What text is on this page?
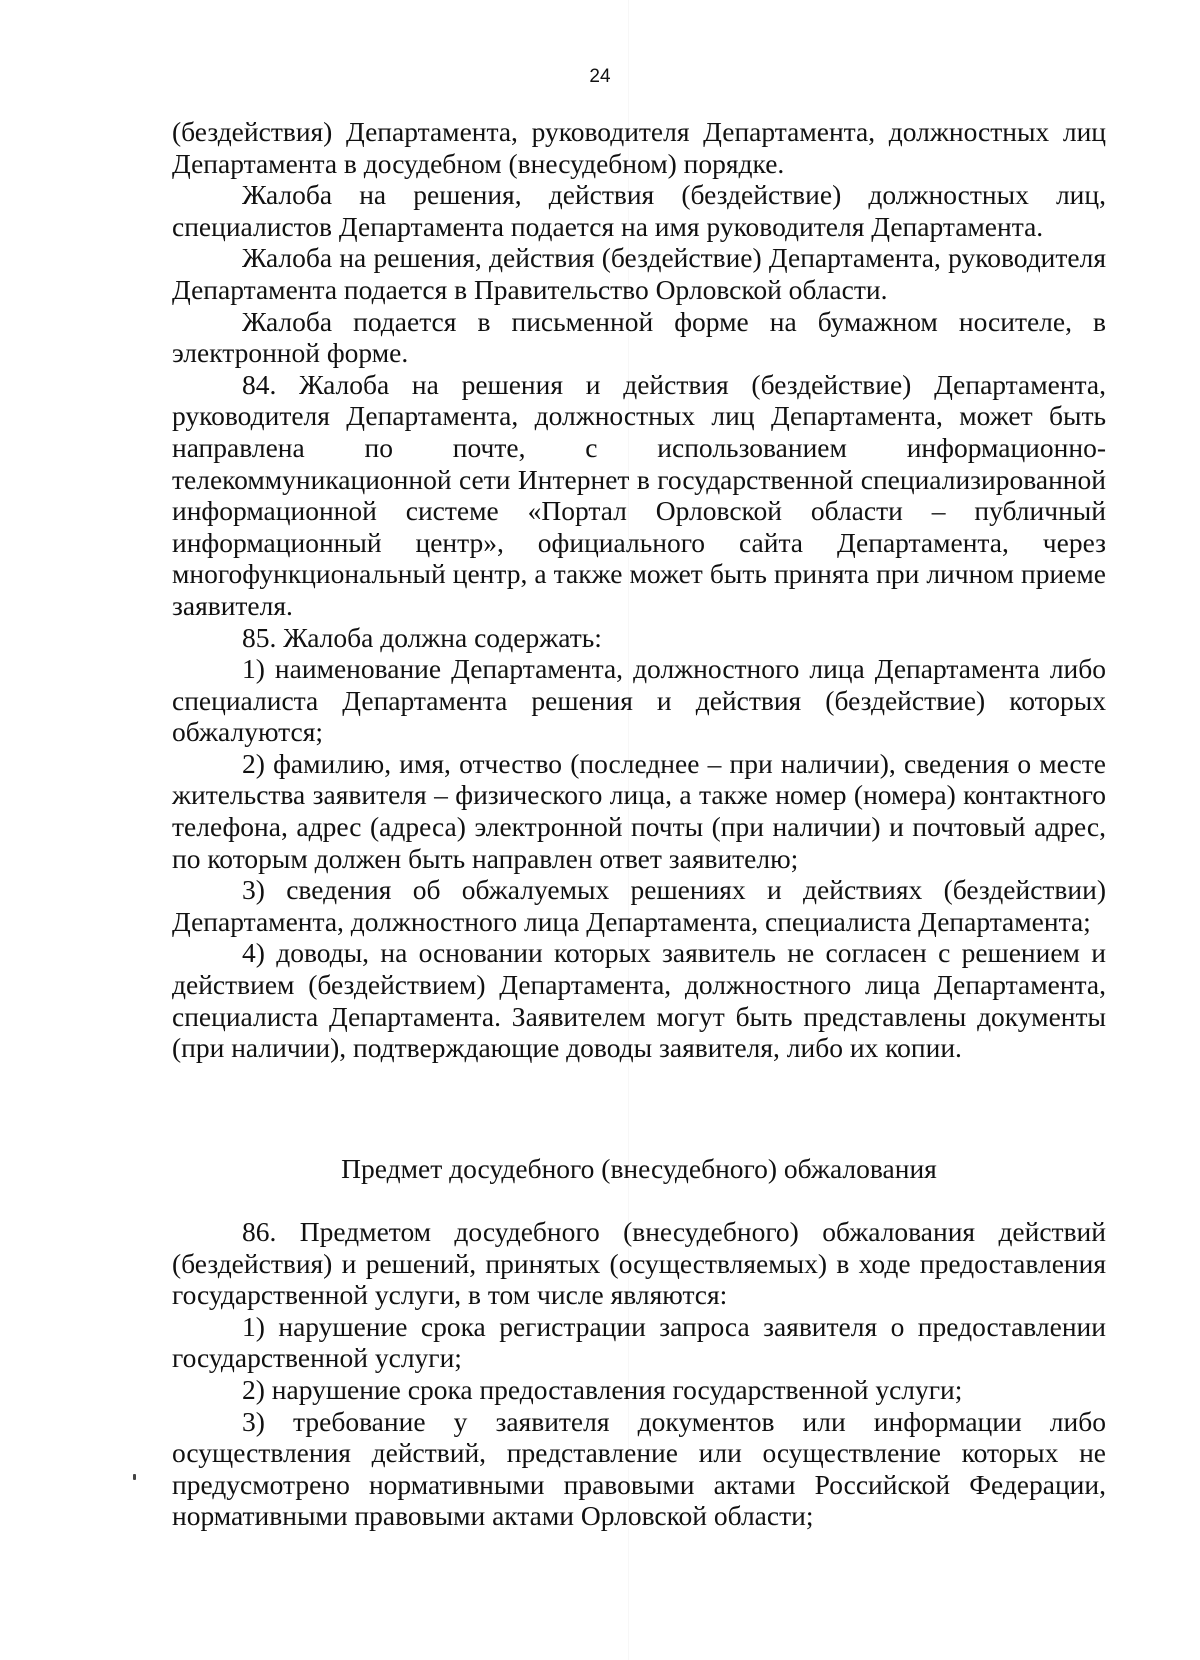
24

(бездействия) Департамента, руководителя Департамента, должностных лиц Департамента в досудебном (внесудебном) порядке.

Жалоба на решения, действия (бездействие) должностных лиц, специалистов Департамента подается на имя руководителя Департамента.

Жалоба на решения, действия (бездействие) Департамента, руководителя Департамента подается в Правительство Орловской области.

Жалоба подается в письменной форме на бумажном носителе, в электронной форме.

84. Жалоба на решения и действия (бездействие) Департамента, руководителя Департамента, должностных лиц Департамента, может быть направлена по почте, с использованием информационно-телекоммуникационной сети Интернет в государственной специализированной информационной системе «Портал Орловской области – публичный информационный центр», официального сайта Департамента, через многофункциональный центр, а также может быть принята при личном приеме заявителя.

85. Жалоба должна содержать:

1) наименование Департамента, должностного лица Департамента либо специалиста Департамента решения и действия (бездействие) которых обжалуются;

2) фамилию, имя, отчество (последнее – при наличии), сведения о месте жительства заявителя – физического лица, а также номер (номера) контактного телефона, адрес (адреса) электронной почты (при наличии) и почтовый адрес, по которым должен быть направлен ответ заявителю;

3) сведения об обжалуемых решениях и действиях (бездействии) Департамента, должностного лица Департамента, специалиста Департамента;

4) доводы, на основании которых заявитель не согласен с решением и действием (бездействием) Департамента, должностного лица Департамента, специалиста Департамента. Заявителем могут быть представлены документы (при наличии), подтверждающие доводы заявителя, либо их копии.

Предмет досудебного (внесудебного) обжалования

86. Предметом досудебного (внесудебного) обжалования действий (бездействия) и решений, принятых (осуществляемых) в ходе предоставления государственной услуги, в том числе являются:

1) нарушение срока регистрации запроса заявителя о предоставлении государственной услуги;

2) нарушение срока предоставления государственной услуги;

3) требование у заявителя документов или информации либо осуществления действий, представление или осуществление которых не предусмотрено нормативными правовыми актами Российской Федерации, нормативными правовыми актами Орловской области;
